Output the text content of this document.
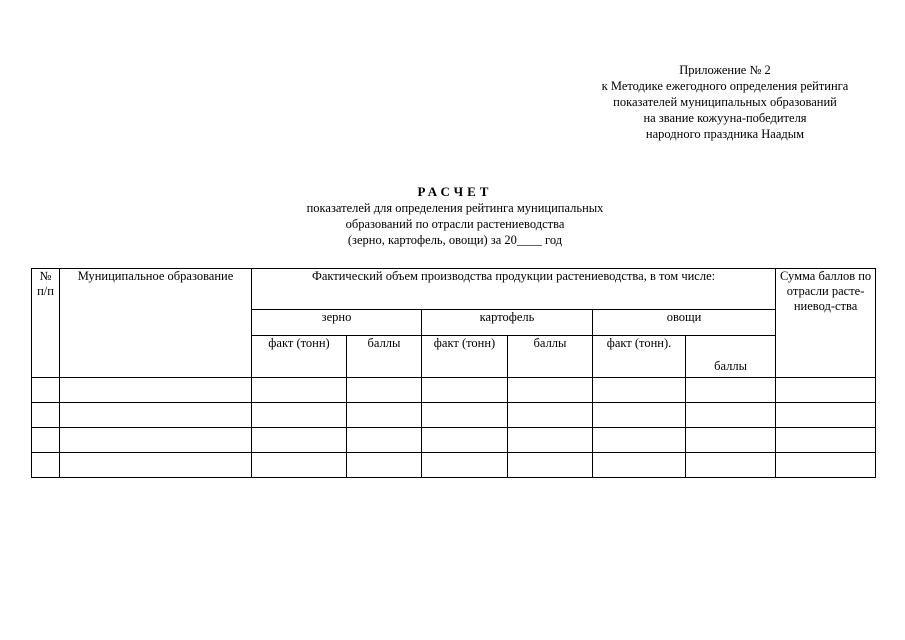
Приложение № 2
к Методике ежегодного определения рейтинга
показателей муниципальных образований
на звание кожууна-победителя
народного праздника Наадым
РАСЧЕТ
показателей для определения рейтинга муниципальных
образований по отрасли растениеводства
(зерно, картофель, овощи) за 20____ год
№ п/п	Муниципальное образование	Фактический объем производства продукции растениеводства, в том числе:						Сумма баллов по отрасли расте-ниевод-ства
		зерно		картофель		овощи		
		факт (тонн)	баллы	факт (тонн)	баллы	факт (тонн).	баллы	
